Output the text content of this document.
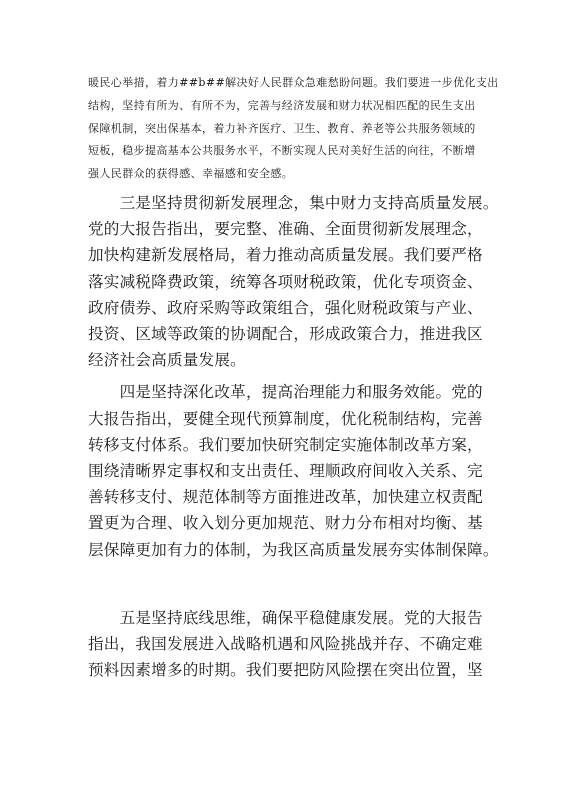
暖民心举措，着力##b##解决好人民群众急难愁盼问题。我们要进一步优化支出
结构，坚持有所为、有所不为，完善与经济发展和财力状况相匹配的民生支出
保障机制，突出保基本，着力补齐医疗、卫生、教育、养老等公共服务领域的
短板，稳步提高基本公共服务水平，不断实现人民对美好生活的向往，不断增
强人民群众的获得感、幸福感和安全感。
　　三是坚持贯彻新发展理念，集中财力支持高质量发展。
党的大报告指出，要完整、准确、全面贯彻新发展理念，
加快构建新发展格局，着力推动高质量发展。我们要严格
落实减税降费政策，统筹各项财税政策，优化专项资金、
政府债券、政府采购等政策组合，强化财税政策与产业、
投资、区域等政策的协调配合，形成政策合力，推进我区
经济社会高质量发展。
　　四是坚持深化改革，提高治理能力和服务效能。党的
大报告指出，要健全现代预算制度，优化税制结构，完善
转移支付体系。我们要加快研究制定实施体制改革方案，
围绕清晰界定事权和支出责任、理顺政府间收入关系、完
善转移支付、规范体制等方面推进改革，加快建立权责配
置更为合理、收入划分更加规范、财力分布相对均衡、基
层保障更加有力的体制，为我区高质量发展夯实体制保障。
　　五是坚持底线思维，确保平稳健康发展。党的大报告
指出，我国发展进入战略机遇和风险挑战并存、不确定难
预料因素增多的时期。我们要把防风险摆在突出位置，坚
